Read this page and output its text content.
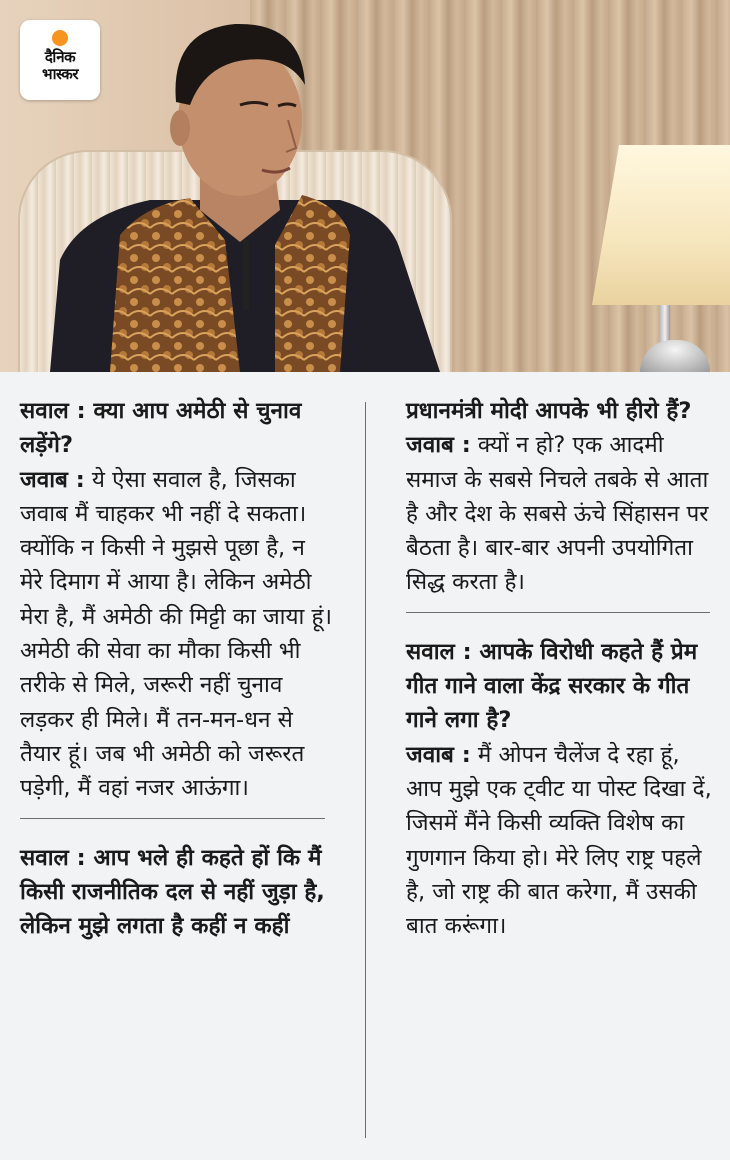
दैनिक
भास्कर

सवाल : क्या आप अमेठी से चुनाव लड़ेंगे?

जवाब : ये ऐसा सवाल है, जिसका जवाब मैं चाहकर भी नहीं दे सकता। क्योंकि न किसी ने मुझसे पूछा है, न मेरे दिमाग में आया है। लेकिन अमेठी मेरा है, मैं अमेठी की मिट्टी का जाया हूं। अमेठी की सेवा का मौका किसी भी तरीके से मिले, जरूरी नहीं चुनाव लड़कर ही मिले। मैं तन-मन-धन से तैयार हूं। जब भी अमेठी को जरूरत पड़ेगी, मैं वहां नजर आऊंगा।

सवाल : आप भले ही कहते हों कि मैं किसी राजनीतिक दल से नहीं जुड़ा है, लेकिन मुझे लगता है कहीं न कहीं

प्रधानमंत्री मोदी आपके भी हीरो हैं?

जवाब : क्यों न हो? एक आदमी समाज के सबसे निचले तबके से आता है और देश के सबसे ऊंचे सिंहासन पर बैठता है। बार-बार अपनी उपयोगिता सिद्ध करता है।

सवाल : आपके विरोधी कहते हैं प्रेम गीत गाने वाला केंद्र सरकार के गीत गाने लगा है?

जवाब : मैं ओपन चैलेंज दे रहा हूं, आप मुझे एक ट्वीट या पोस्ट दिखा दें, जिसमें मैंने किसी व्यक्ति विशेष का गुणगान किया हो। मेरे लिए राष्ट्र पहले है, जो राष्ट्र की बात करेगा, मैं उसकी बात करूंगा।
